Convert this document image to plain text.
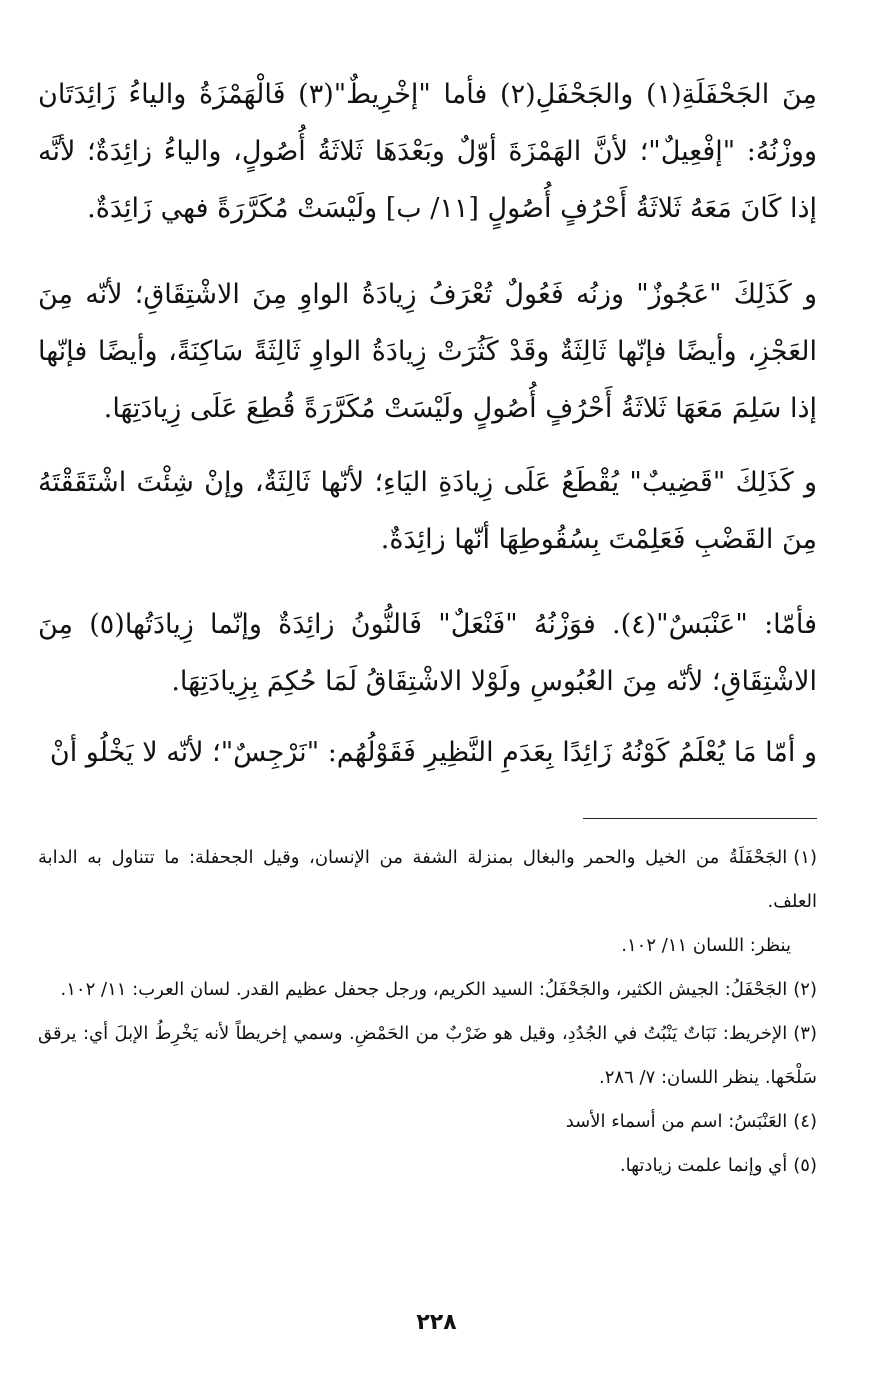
مِنَ الجَحْفَلَةِ(١) والجَحْفَلِ(٢) فأما "إخْرِيطٌ"(٣) فَالْهَمْزَةُ والياءُ زَائِدَتَان ووزْنُهُ: "إفْعِيلٌ"؛ لأنَّ الهَمْزَةَ أوّلٌ وبَعْدَهَا ثَلاثَةُ أُصُولٍ، والياءُ زائِدَةٌ؛ لأنَّه إذا كَانَ مَعَهُ ثَلاثَةُ أَحْرُفٍ أُصُولٍ [١١/ ب] ولَيْسَتْ مُكَرَّرَةً فهي زَائِدَةٌ.

و كَذَلِكَ "عَجُوزٌ" وزنُه فَعُولٌ تُعْرَفُ زِيادَةُ الواوِ مِنَ الاشْتِقَاقِ؛ لأنّه مِنَ العَجْزِ، وأيضًا فإنّها ثَالِثَةٌ وقَدْ كَثُرَتْ زِيادَةُ الواوِ ثَالِثَةً سَاكِنَةً، وأيضًا فإنّها إذا سَلِمَ مَعَهَا ثَلاثَةُ أَحْرُفٍ أُصُولٍ ولَيْسَتْ مُكَرَّرَةً قُطِعَ عَلَى زِيادَتِهَا.

و كَذَلِكَ "قَضِيبٌ" يُقْطَعُ عَلَى زِيادَةِ اليَاءِ؛ لأنّها ثَالِثَةٌ، وإنْ شِئْتَ اشْتَقَقْتَهُ مِنَ القَضْبِ فَعَلِمْتَ بِسُقُوطِهَا أنّها زائِدَةٌ.

فأمّا: "عَنْبَسٌ"(٤). فوَزْنُهُ "فَنْعَلٌ" فَالنُّونُ زائِدَةٌ وإنّما زِيادَتُها(٥) مِنَ الاشْتِقَاقِ؛ لأنّه مِنَ العُبُوسِ ولَوْلا الاشْتِقَاقُ لَمَا حُكِمَ بِزِيادَتِهَا.

و أمّا مَا يُعْلَمُ كَوْنُهُ زَائِدًا بِعَدَمِ النَّظِيرِ فَقَوْلُهُم: "نَرْجِسٌ"؛ لأنّه لا يَخْلُو أنْ

(١)الجَحْفَلَةُ من الخيل والحمر والبغال بمنزلة الشفة من الإنسان، وقيل الجحفلة: ما تتناول به الدابة العلف.

ينظر: اللسان ١١/ ١٠٢.

(٢)الجَحْفَلُ: الجيش الكثير، والجَحْفَلُ: السيد الكريم، ورجل جحفل عظيم القدر. لسان العرب: ١١/ ١٠٢.

(٣)الإخريط: نَبَاتٌ يَنْبُتُ في الجُدُدِ، وقيل هو ضَرْبٌ من الحَمْضِ. وسمي إخريطاً لأنه يَخْرِطُ الإبلَ أي: يرقق سَلْحَها. ينظر اللسان: ٧/ ٢٨٦.

(٤)العَنْبَسُ: اسم من أسماء الأسد

(٥)أي وإنما علمت زيادتها.

٢٢٨
